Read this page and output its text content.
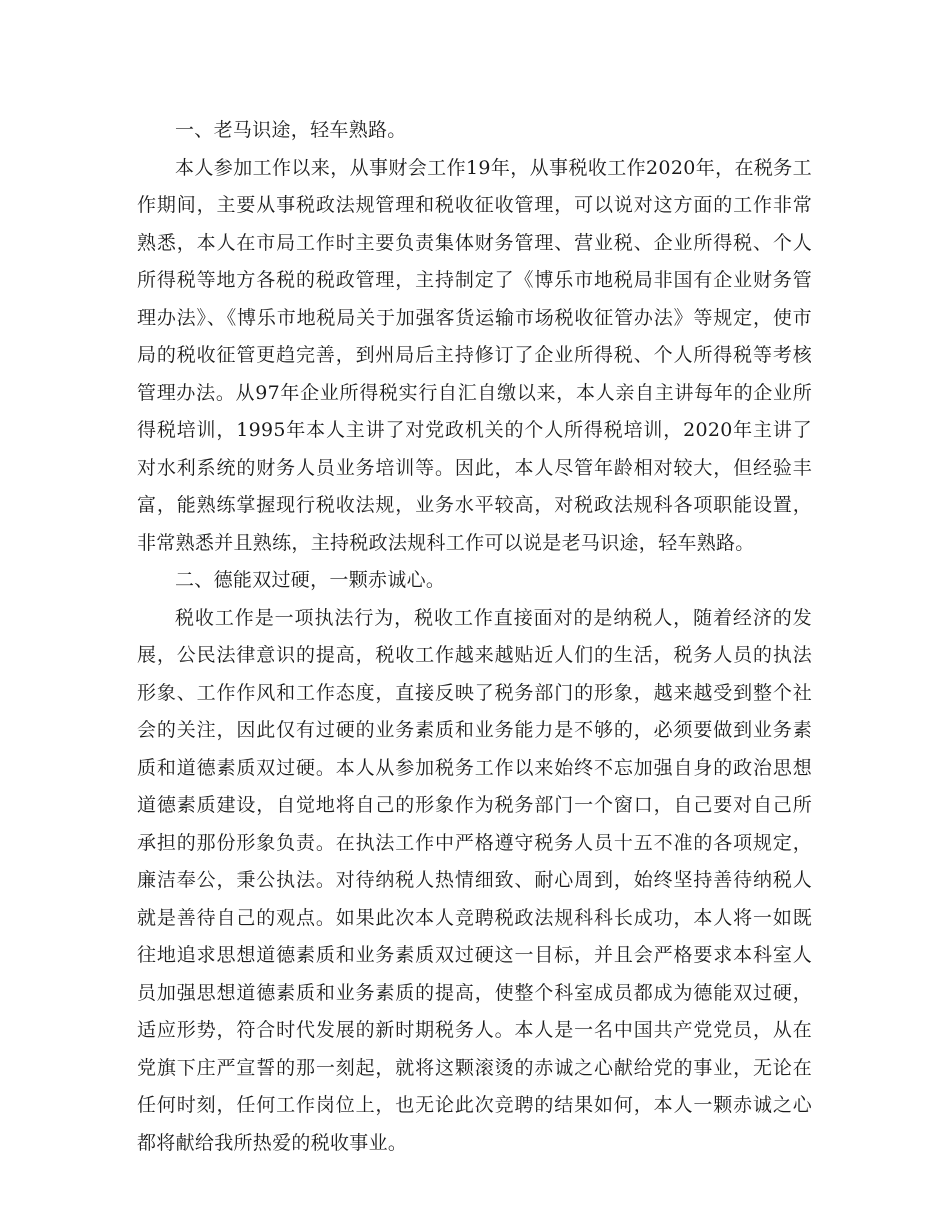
一、老马识途，轻车熟路。

本人参加工作以来，从事财会工作19年，从事税收工作2020年，在税务工作期间，主要从事税政法规管理和税收征收管理，可以说对这方面的工作非常熟悉，本人在市局工作时主要负责集体财务管理、营业税、企业所得税、个人所得税等地方各税的税政管理，主持制定了《博乐市地税局非国有企业财务管理办法》、《博乐市地税局关于加强客货运输市场税收征管办法》等规定，使市局的税收征管更趋完善，到州局后主持修订了企业所得税、个人所得税等考核管理办法。从97年企业所得税实行自汇自缴以来，本人亲自主讲每年的企业所得税培训，1995年本人主讲了对党政机关的个人所得税培训，2020年主讲了对水利系统的财务人员业务培训等。因此，本人尽管年龄相对较大，但经验丰富，能熟练掌握现行税收法规，业务水平较高，对税政法规科各项职能设置，非常熟悉并且熟练，主持税政法规科工作可以说是老马识途，轻车熟路。

二、德能双过硬，一颗赤诚心。

税收工作是一项执法行为，税收工作直接面对的是纳税人，随着经济的发展，公民法律意识的提高，税收工作越来越贴近人们的生活，税务人员的执法形象、工作作风和工作态度，直接反映了税务部门的形象，越来越受到整个社会的关注，因此仅有过硬的业务素质和业务能力是不够的，必须要做到业务素质和道德素质双过硬。本人从参加税务工作以来始终不忘加强自身的政治思想道德素质建设，自觉地将自己的形象作为税务部门一个窗口，自己要对自己所承担的那份形象负责。在执法工作中严格遵守税务人员十五不准的各项规定，廉洁奉公，秉公执法。对待纳税人热情细致、耐心周到，始终坚持善待纳税人就是善待自己的观点。如果此次本人竞聘税政法规科科长成功，本人将一如既往地追求思想道德素质和业务素质双过硬这一目标，并且会严格要求本科室人员加强思想道德素质和业务素质的提高，使整个科室成员都成为德能双过硬，适应形势，符合时代发展的新时期税务人。本人是一名中国共产党党员，从在党旗下庄严宣誓的那一刻起，就将这颗滚烫的赤诚之心献给党的事业，无论在任何时刻，任何工作岗位上，也无论此次竞聘的结果如何，本人一颗赤诚之心都将献给我所热爱的税收事业。
